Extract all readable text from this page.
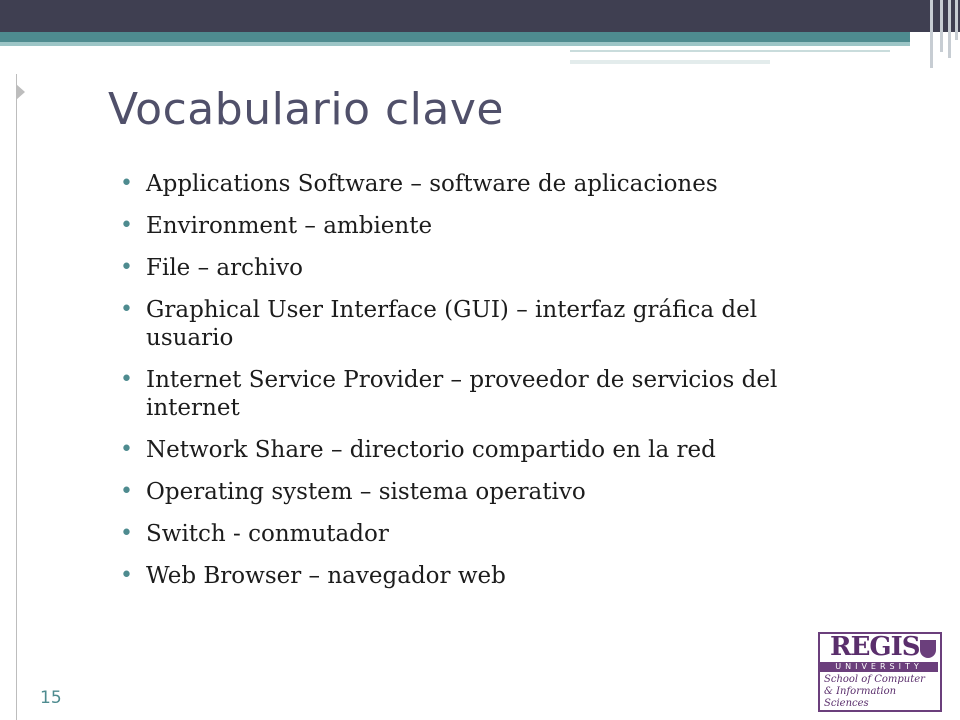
Vocabulario clave
• Applications Software – software de aplicaciones
• Environment – ambiente
• File – archivo
• Graphical User Interface (GUI) – interfaz gráfica del usuario
• Internet Service Provider – proveedor de servicios del internet
• Network Share – directorio compartido en la red
• Operating system – sistema operativo
• Switch - conmutador
• Web Browser – navegador web
15
REGIS
UNIVERSITY
School of Computer & Information Sciences
